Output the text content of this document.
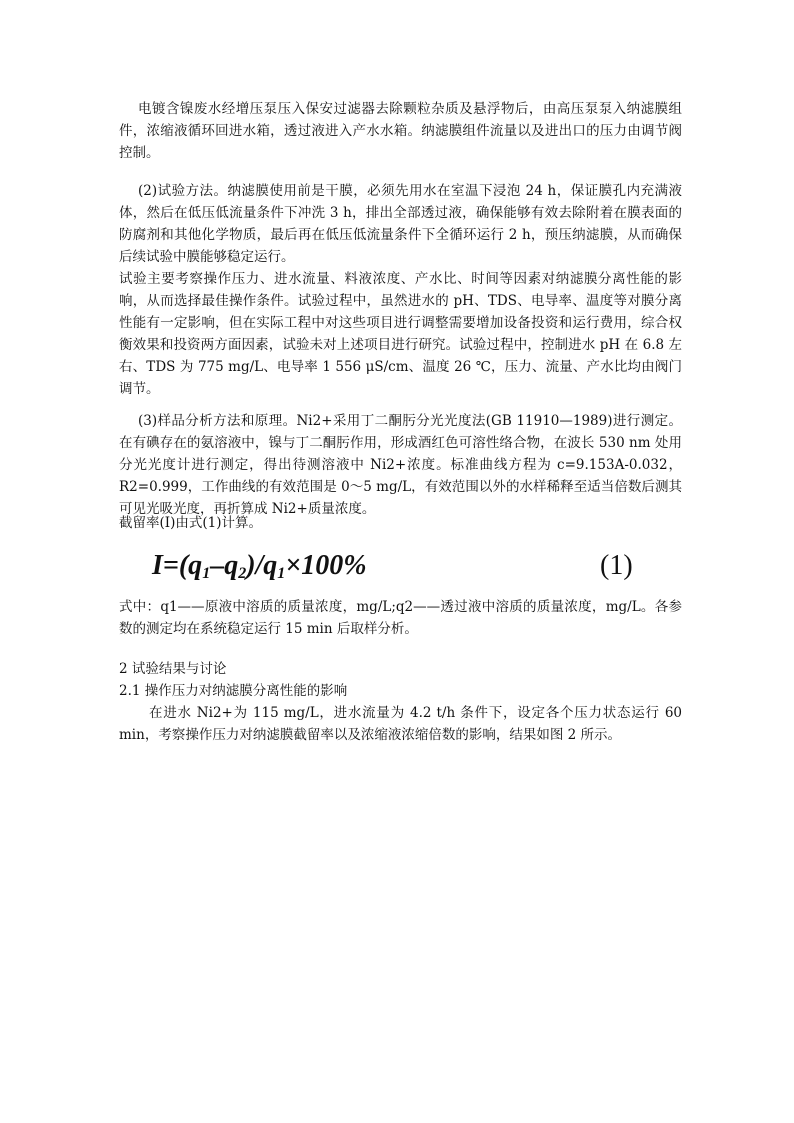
电镀含镍废水经增压泵压入保安过滤器去除颗粒杂质及悬浮物后，由高压泵泵入纳滤膜组件，浓缩液循环回进水箱，透过液进入产水水箱。纳滤膜组件流量以及进出口的压力由调节阀控制。

(2)试验方法。纳滤膜使用前是干膜，必须先用水在室温下浸泡 24 h，保证膜孔内充满液体，然后在低压低流量条件下冲洗 3 h，排出全部透过液，确保能够有效去除附着在膜表面的防腐剂和其他化学物质，最后再在低压低流量条件下全循环运行 2 h，预压纳滤膜，从而确保后续试验中膜能够稳定运行。

试验主要考察操作压力、进水流量、料液浓度、产水比、时间等因素对纳滤膜分离性能的影响，从而选择最佳操作条件。试验过程中，虽然进水的 pH、TDS、电导率、温度等对膜分离性能有一定影响，但在实际工程中对这些项目进行调整需要增加设备投资和运行费用，综合权衡效果和投资两方面因素，试验未对上述项目进行研究。试验过程中，控制进水 pH 在 6.8 左右、TDS 为 775 mg/L、电导率 1 556 μS/cm、温度 26 ℃，压力、流量、产水比均由阀门调节。

(3)样品分析方法和原理。Ni2+采用丁二酮肟分光光度法(GB 11910—1989)进行测定。在有碘存在的氨溶液中，镍与丁二酮肟作用，形成酒红色可溶性络合物，在波长 530 nm 处用分光光度计进行测定，得出待测溶液中 Ni2+浓度。标准曲线方程为 c=9.153A-0.032，R2=0.999，工作曲线的有效范围是 0～5 mg/L，有效范围以外的水样稀释至适当倍数后测其可见光吸光度，再折算成 Ni2+质量浓度。

截留率(I)由式(1)计算。

$I=(q_1-q_2)/q_1\times 100\%$	(1)

式中：q1——原液中溶质的质量浓度，mg/L;q2——透过液中溶质的质量浓度，mg/L。各参数的测定均在系统稳定运行 15 min 后取样分析。

2 试验结果与讨论

2.1 操作压力对纳滤膜分离性能的影响

在进水 Ni2+为 115 mg/L，进水流量为 4.2 t/h 条件下，设定各个压力状态运行 60 min，考察操作压力对纳滤膜截留率以及浓缩液浓缩倍数的影响，结果如图 2 所示。
